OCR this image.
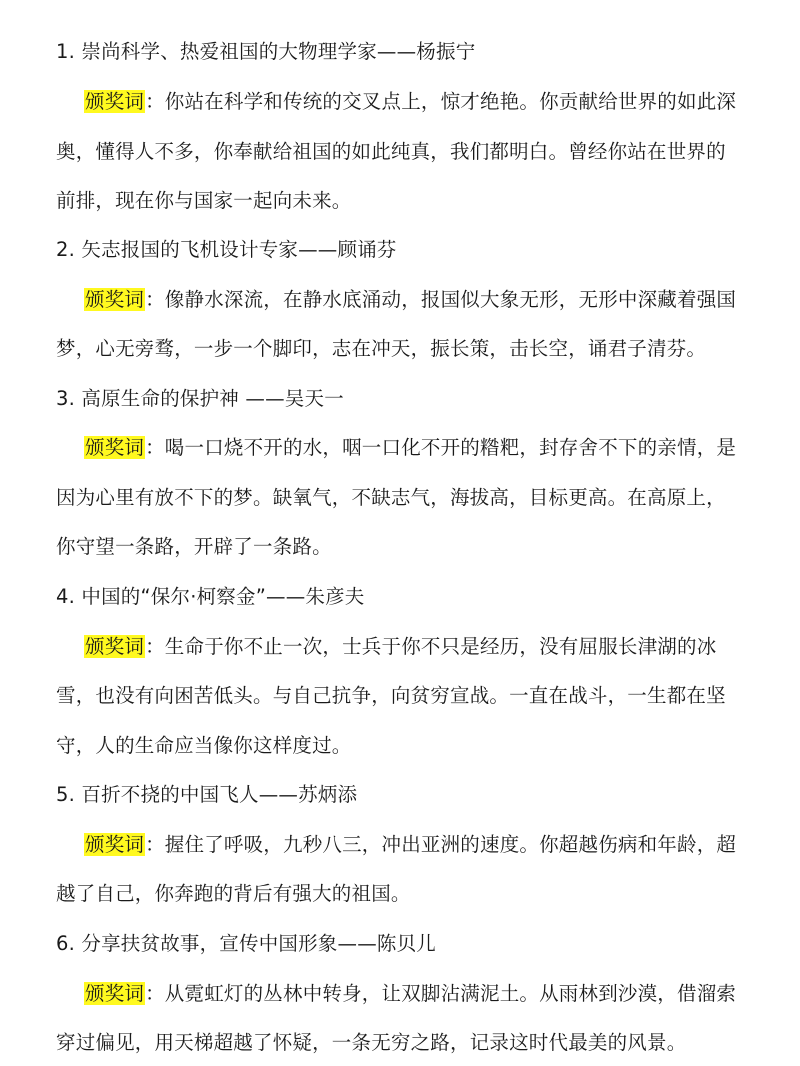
1. 崇尚科学、热爱祖国的大物理学家——杨振宁
颁奖词：你站在科学和传统的交叉点上，惊才绝艳。你贡献给世界的如此深
奥，懂得人不多，你奉献给祖国的如此纯真，我们都明白。曾经你站在世界的
前排，现在你与国家一起向未来。
2. 矢志报国的飞机设计专家——顾诵芬
颁奖词：像静水深流，在静水底涌动，报国似大象无形，无形中深藏着强国
梦，心无旁骛，一步一个脚印，志在冲天，振长策，击长空，诵君子清芬。
3. 高原生命的保护神 ——吴天一
颁奖词：喝一口烧不开的水，咽一口化不开的糌粑，封存舍不下的亲情，是
因为心里有放不下的梦。缺氧气，不缺志气，海拔高，目标更高。在高原上，
你守望一条路，开辟了一条路。
4. 中国的“保尔·柯察金”——朱彦夫
颁奖词：生命于你不止一次，士兵于你不只是经历，没有屈服长津湖的冰
雪，也没有向困苦低头。与自己抗争，向贫穷宣战。一直在战斗，一生都在坚
守，人的生命应当像你这样度过。
5. 百折不挠的中国飞人——苏炳添
颁奖词：握住了呼吸，九秒八三，冲出亚洲的速度。你超越伤病和年龄，超
越了自己，你奔跑的背后有强大的祖国。
6. 分享扶贫故事，宣传中国形象——陈贝儿
颁奖词：从霓虹灯的丛林中转身，让双脚沾满泥土。从雨林到沙漠，借溜索
穿过偏见，用天梯超越了怀疑，一条无穷之路，记录这时代最美的风景。
